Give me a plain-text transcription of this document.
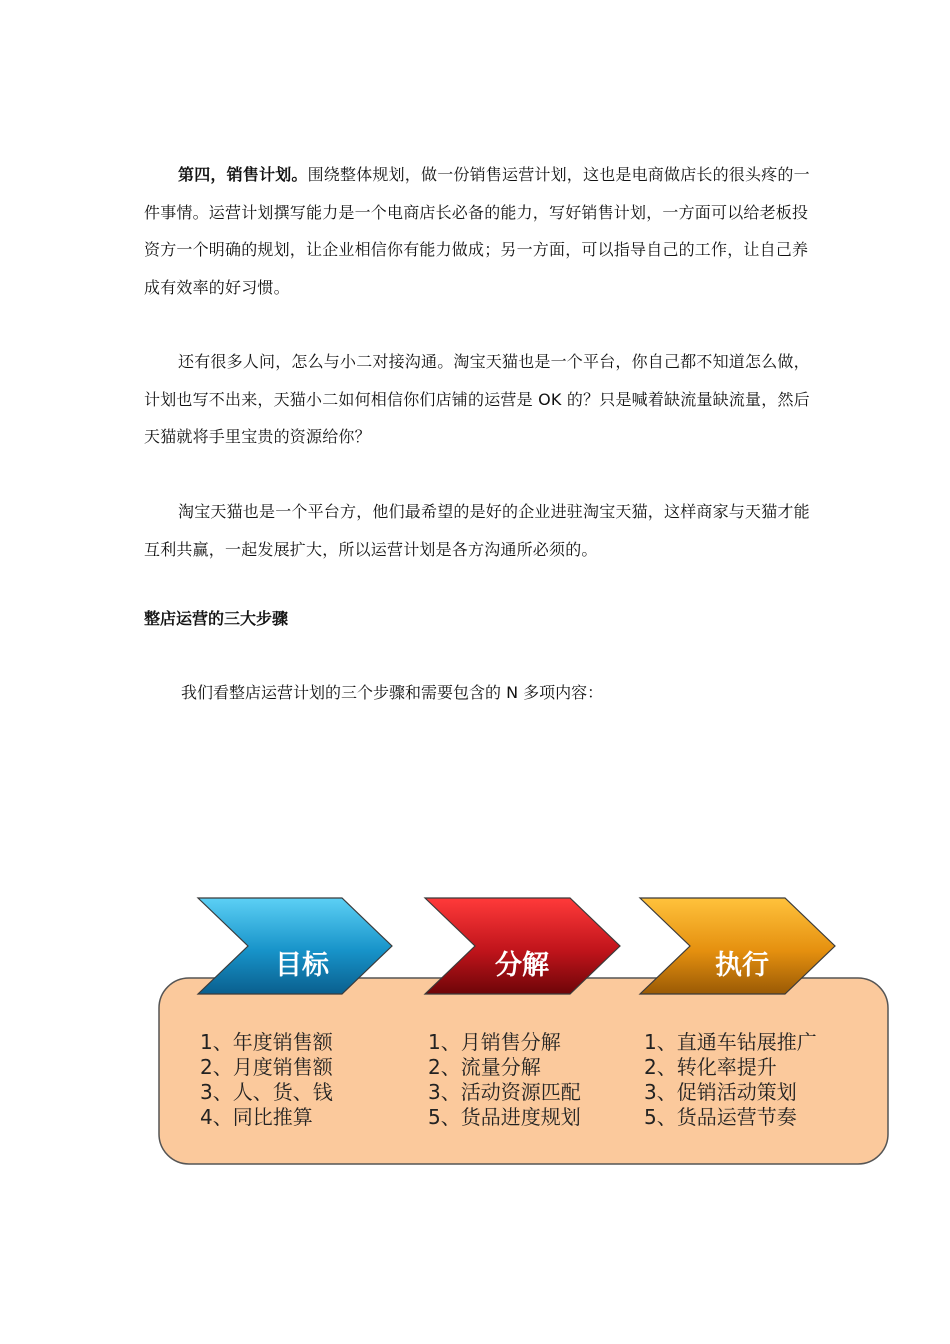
第四，销售计划。围绕整体规划，做一份销售运营计划，这也是电商做店长的很头疼的一件事情。运营计划撰写能力是一个电商店长必备的能力，写好销售计划，一方面可以给老板投资方一个明确的规划，让企业相信你有能力做成；另一方面，可以指导自己的工作，让自己养成有效率的好习惯。

还有很多人问，怎么与小二对接沟通。淘宝天猫也是一个平台，你自己都不知道怎么做，计划也写不出来，天猫小二如何相信你们店铺的运营是 OK 的？只是喊着缺流量缺流量，然后天猫就将手里宝贵的资源给你？

淘宝天猫也是一个平台方，他们最希望的是好的企业进驻淘宝天猫，这样商家与天猫才能互利共赢，一起发展扩大，所以运营计划是各方沟通所必须的。

整店运营的三大步骤

我们看整店运营计划的三个步骤和需要包含的 N 多项内容：

目标	分解	执行
1、年度销售额
2、月度销售额
3、人、货、钱
4、同比推算
1、月销售分解
2、流量分解
3、活动资源匹配
5、货品进度规划
1、直通车钻展推广
2、转化率提升
3、促销活动策划
5、货品运营节奏
